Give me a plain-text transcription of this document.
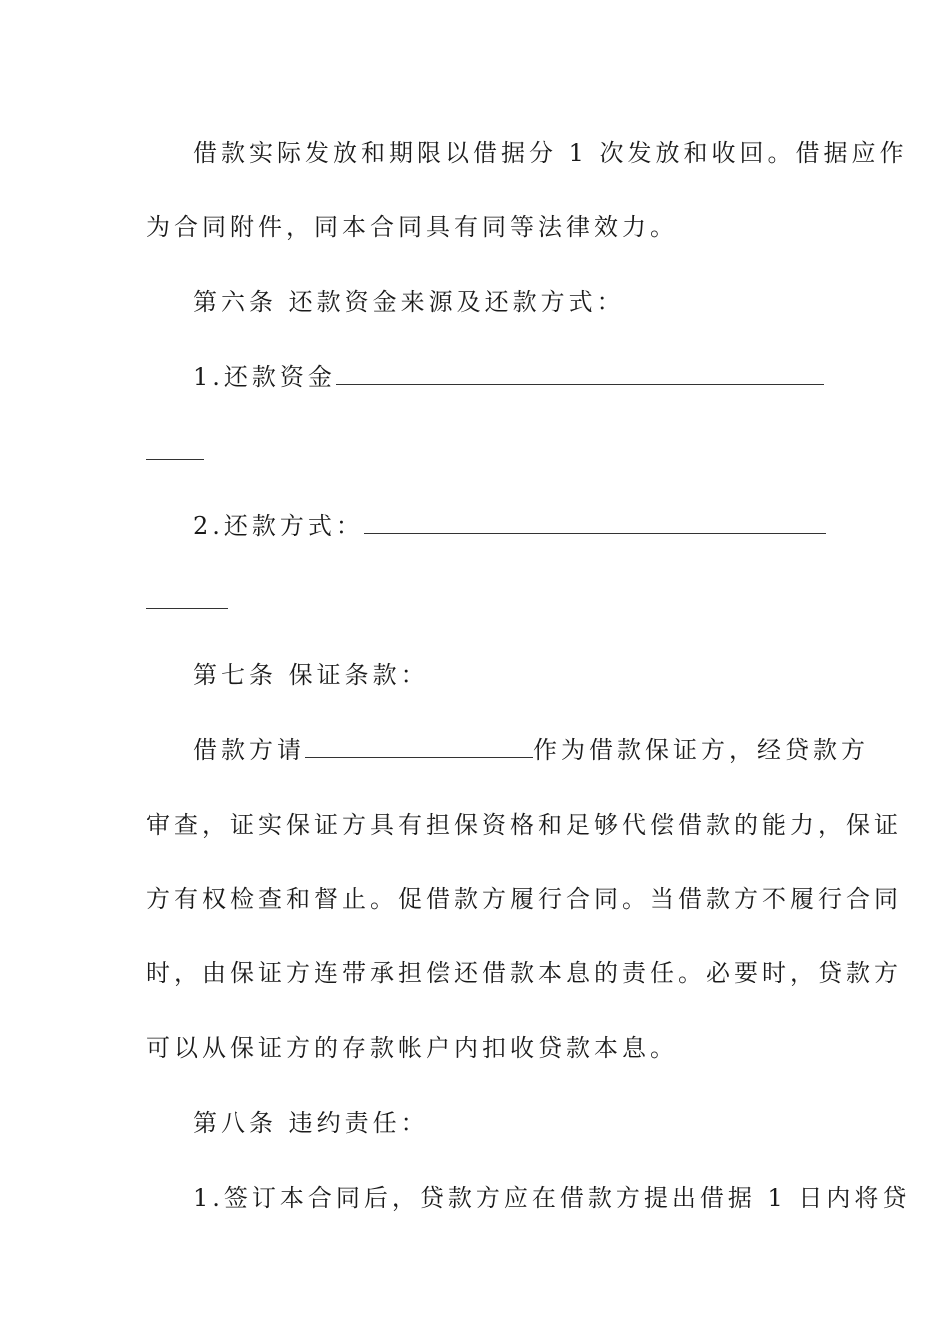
借款实际发放和期限以借据分 1 次发放和收回。借据应作

为合同附件，同本合同具有同等法律效力。

第六条 还款资金来源及还款方式：

1.还款资金

2.还款方式：

第七条 保证条款：

借款方请	作为借款保证方，经贷款方

审查，证实保证方具有担保资格和足够代偿借款的能力，保证

方有权检查和督止。促借款方履行合同。当借款方不履行合同

时，由保证方连带承担偿还借款本息的责任。必要时，贷款方

可以从保证方的存款帐户内扣收贷款本息。

第八条 违约责任：

1.签订本合同后，贷款方应在借款方提出借据 1 日内将贷
